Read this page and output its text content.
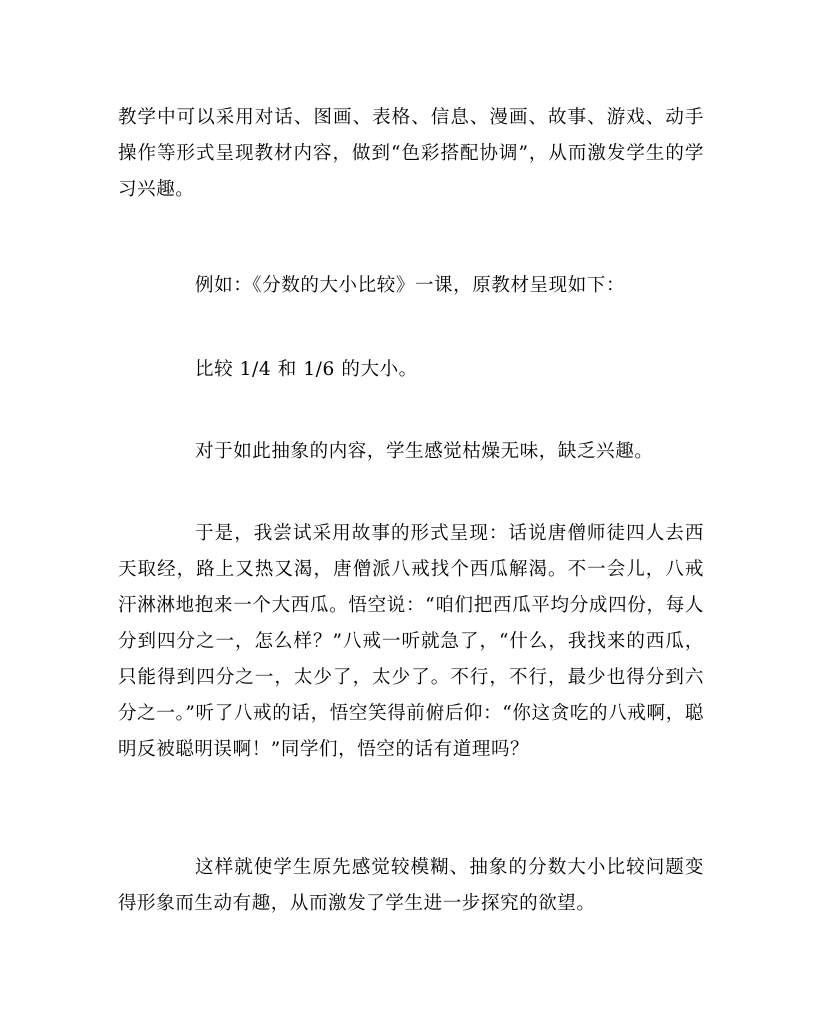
教学中可以采用对话、图画、表格、信息、漫画、故事、游戏、动手操作等形式呈现教材内容，做到“色彩搭配协调”，从而激发学生的学习兴趣。

例如：《分数的大小比较》一课，原教材呈现如下：

比较 1/4 和 1/6 的大小。

对于如此抽象的内容，学生感觉枯燥无味，缺乏兴趣。

于是，我尝试采用故事的形式呈现：话说唐僧师徒四人去西天取经，路上又热又渴，唐僧派八戒找个西瓜解渴。不一会儿，八戒汗淋淋地抱来一个大西瓜。悟空说：“咱们把西瓜平均分成四份，每人分到四分之一，怎么样？”八戒一听就急了，“什么，我找来的西瓜，只能得到四分之一，太少了，太少了。不行，不行，最少也得分到六分之一。”听了八戒的话，悟空笑得前俯后仰：“你这贪吃的八戒啊，聪明反被聪明误啊！”同学们，悟空的话有道理吗？

这样就使学生原先感觉较模糊、抽象的分数大小比较问题变得形象而生动有趣，从而激发了学生进一步探究的欲望。
